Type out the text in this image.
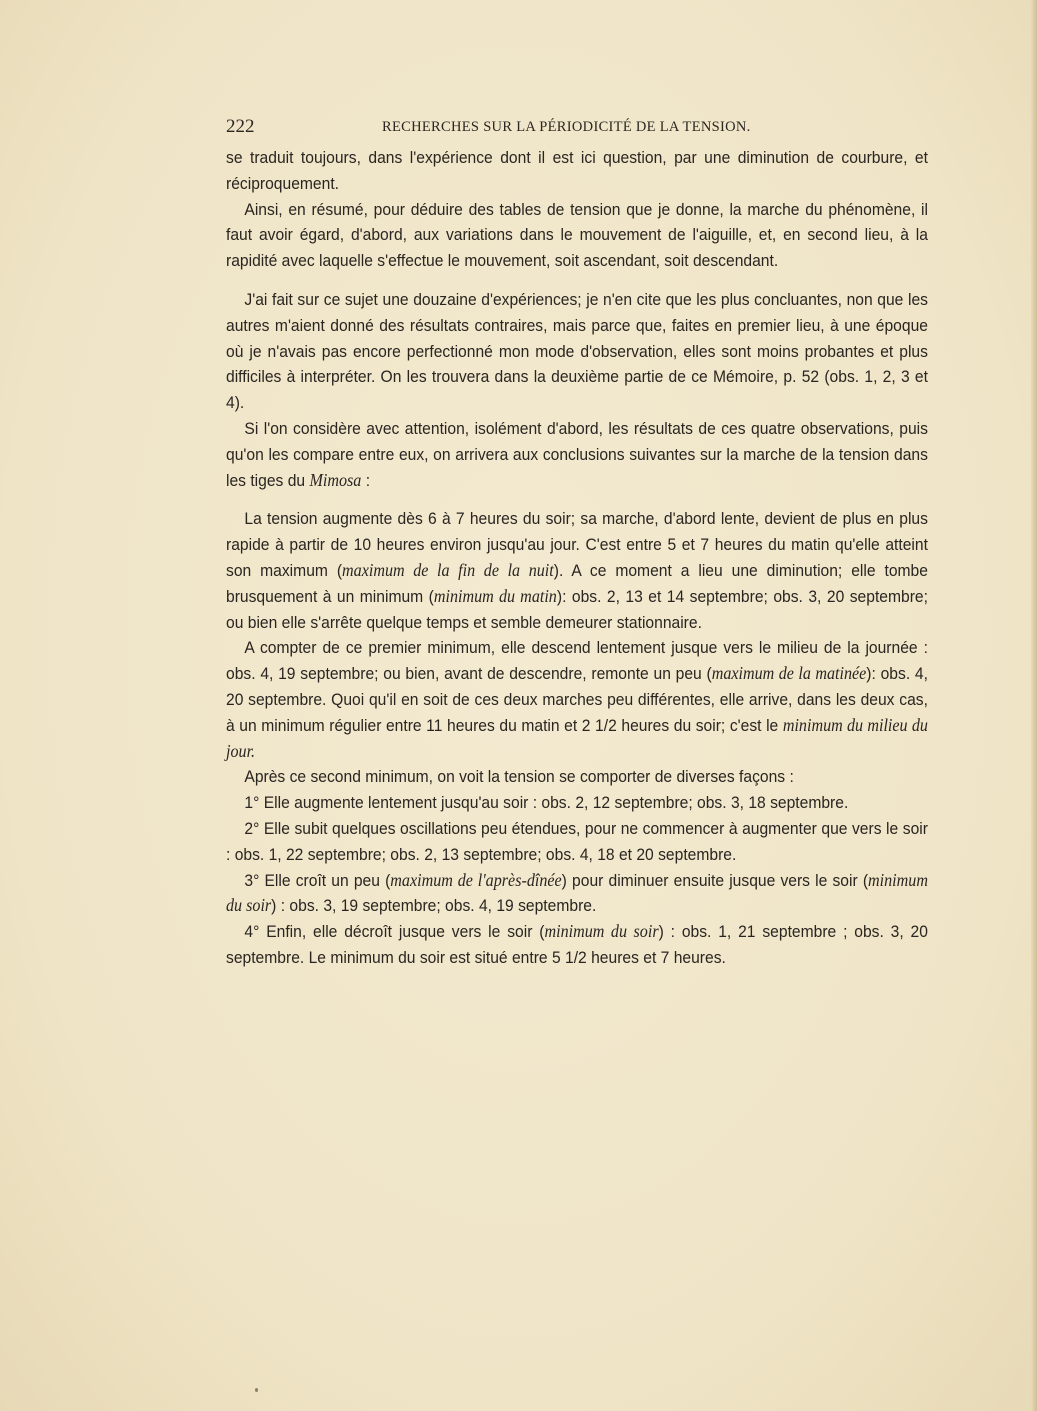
222	RECHERCHES SUR LA PÉRIODICITÉ DE LA TENSION.

se traduit toujours, dans l'expérience dont il est ici question, par une diminution de courbure, et réciproquement.

Ainsi, en résumé, pour déduire des tables de tension que je donne, la marche du phénomène, il faut avoir égard, d'abord, aux variations dans le mouvement de l'aiguille, et, en second lieu, à la rapidité avec laquelle s'effectue le mouvement, soit ascendant, soit descendant.

J'ai fait sur ce sujet une douzaine d'expériences; je n'en cite que les plus concluantes, non que les autres m'aient donné des résultats contraires, mais parce que, faites en premier lieu, à une époque où je n'avais pas encore perfectionné mon mode d'observation, elles sont moins probantes et plus difficiles à interpréter. On les trouvera dans la deuxième partie de ce Mémoire, p. 52 (obs. 1, 2, 3 et 4).

Si l'on considère avec attention, isolément d'abord, les résultats de ces quatre observations, puis qu'on les compare entre eux, on arrivera aux conclusions suivantes sur la marche de la tension dans les tiges du Mimosa :

La tension augmente dès 6 à 7 heures du soir; sa marche, d'abord lente, devient de plus en plus rapide à partir de 10 heures environ jusqu'au jour. C'est entre 5 et 7 heures du matin qu'elle atteint son maximum (maximum de la fin de la nuit). A ce moment a lieu une diminution; elle tombe brusquement à un minimum (minimum du matin): obs. 2, 13 et 14 septembre; obs. 3, 20 septembre; ou bien elle s'arrête quelque temps et semble demeurer stationnaire.

A compter de ce premier minimum, elle descend lentement jusque vers le milieu de la journée : obs. 4, 19 septembre; ou bien, avant de descendre, remonte un peu (maximum de la matinée): obs. 4, 20 septembre. Quoi qu'il en soit de ces deux marches peu différentes, elle arrive, dans les deux cas, à un minimum régulier entre 11 heures du matin et 2 1/2 heures du soir; c'est le minimum du milieu du jour.

Après ce second minimum, on voit la tension se comporter de diverses façons :

1° Elle augmente lentement jusqu'au soir : obs. 2, 12 septembre; obs. 3, 18 septembre.

2° Elle subit quelques oscillations peu étendues, pour ne commencer à augmenter que vers le soir : obs. 1, 22 septembre; obs. 2, 13 septembre; obs. 4, 18 et 20 septembre.

3° Elle croît un peu (maximum de l'après-dînée) pour diminuer ensuite jusque vers le soir (minimum du soir) : obs. 3, 19 septembre; obs. 4, 19 septembre.

4° Enfin, elle décroît jusque vers le soir (minimum du soir) : obs. 1, 21 septembre ; obs. 3, 20 septembre. Le minimum du soir est situé entre 5 1/2 heures et 7 heures.
